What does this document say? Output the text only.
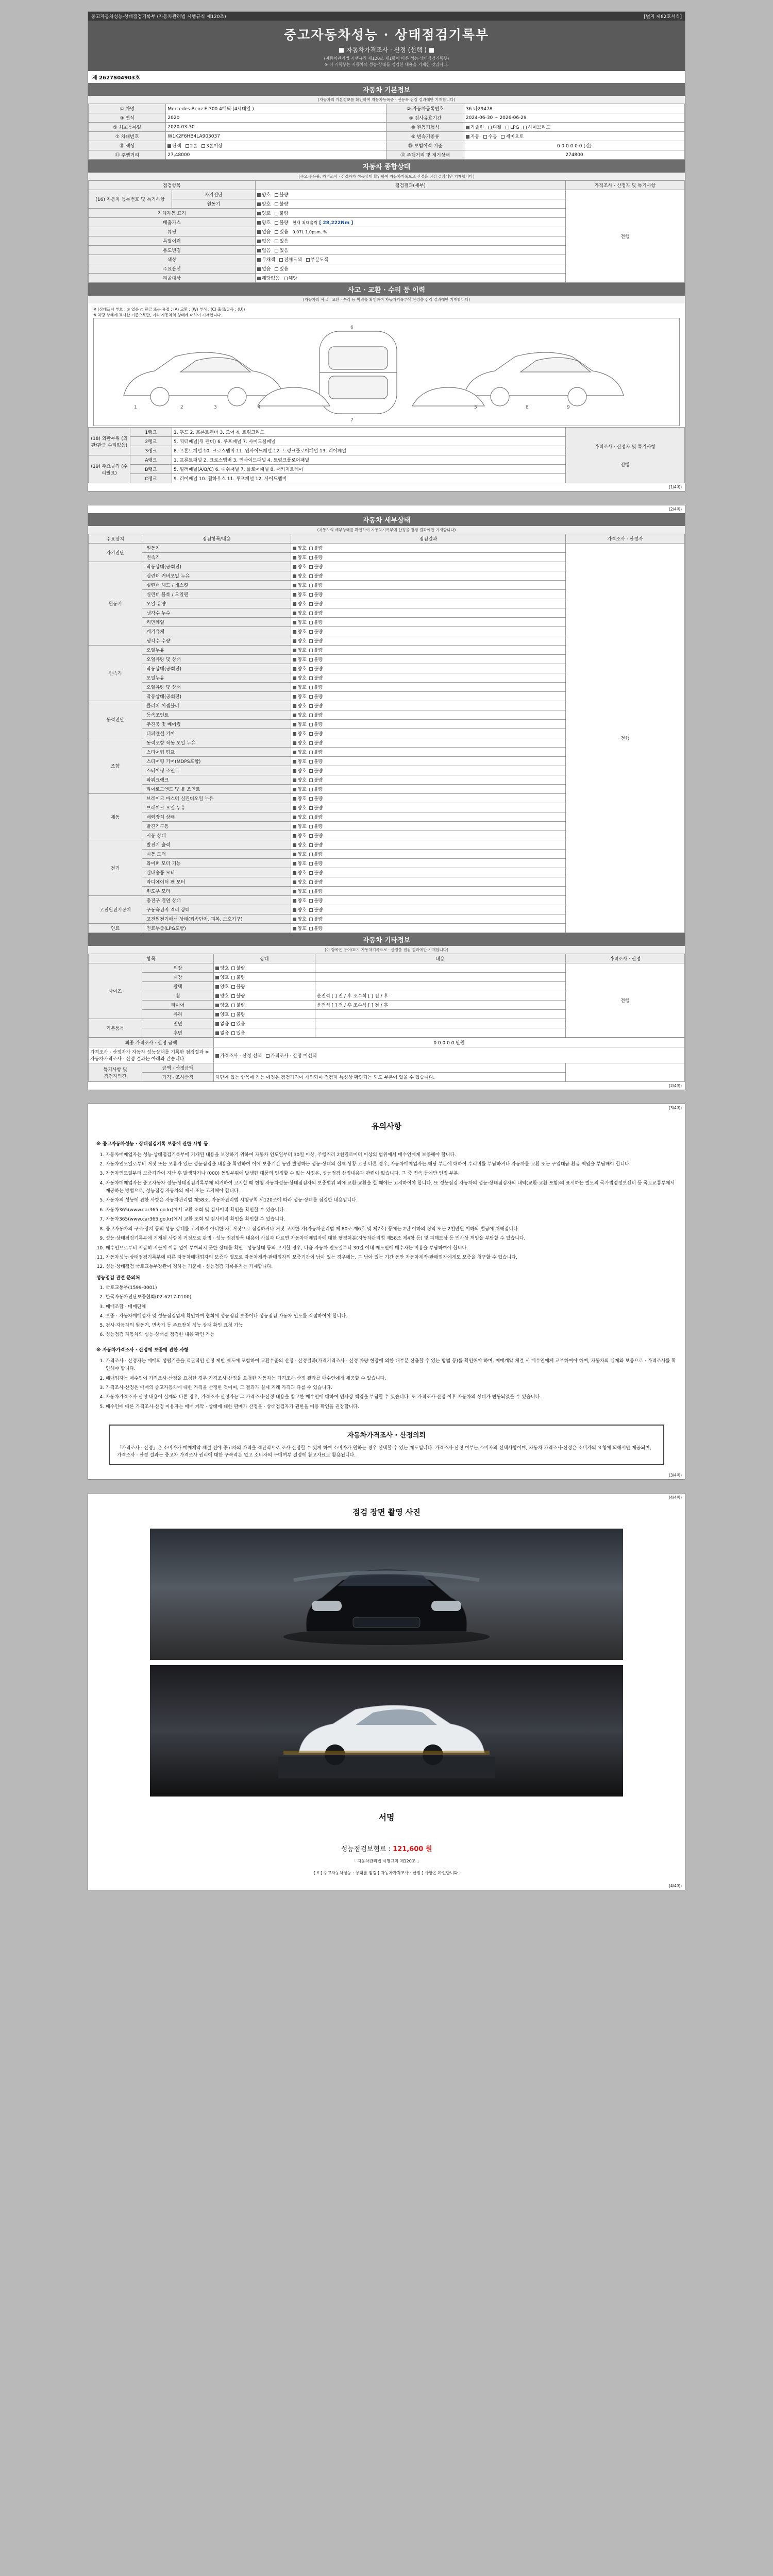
중고자동차성능·상태점검기록부 (자동차관리법 시행규칙 제120조)	[별지 제82호서식]
중고자동차성능 · 상태점검기록부
■ 자동차가격조사 · 산정 (선택 ) ■
(자동차관리법 시행규칙 제120조 제1항에 따른 성능·상태점검기록부)
※ 이 기록부는 자동차의 성능·상태를 점검한 내용을 기재한 것입니다.
제 2627S04903호
자동차 기본정보
(자동차의 기본정보를 확인하여 자동차등록증 · 선등록 점검 결과에만 기재합니다)
① 차명	Mercedes-Benz E 300 4매틱 (4세대일 )	② 자동차등록번호	36 나29478
③ 연식	2020	④ 검사유효기간	2024-06-30 ~ 2026-06-29
⑤ 최초등록일	2020-03-30	⑩ 원동기형식	가솔린 디젤 LPG 하이브리드
⑦ 차대번호	W1K2F6HB4LA903037	⑧ 변속기종류	자동 수동 세미오토
⑪ 색상	단색 2톤 3톤이상	⑮ 보험이력 기준	0 0 0 0 0 0 (건)
⑪ 주행거리	27,48000	⑫ 주행거리 및 계기상태	274800
자동차 종합상태
(주요 주유율, 가격조사 · 산정자가 성능상태 확인하여 자동차기록으로 산정을 점검 결과에만 기재합니다)
점검항목		점검결과(세부)	가격조사 · 산정자 및 특기사항
(16) 자동차 등록번호 및 특기사항	자기진단	양호 불량	전행
	원동기	양호 불량	
자체자동 표기		양호 불량	
배출가스		양호 불량 현재 최대출력 [ 28,222Nm ]	
튜닝		없음 있음 0.07L 1.0psm. %	
특별이력		없음 있음	
용도변경		없음 있음	
색상		무채색 전체도색 부분도색	
주요옵션		없음 있음	
리콜대상		해당없음 해당	
사고 · 교환 · 수리 등 이력
(자동차의 사고 · 교환 · 수리 등 이력을 확인하여 자동차기록부에 산정을 점검 결과에만 기재합니다)
※ (상태표시 부호 : ① 없음 ○ 판금 또는 용접 : (A) 교환 : (W) 부식 : (C) 흠집/굴곡 : (U))
※ 차량 상태에 표시한 기준으로만, 기타 자동차의 상태에 대하여 기재합니다.
1	2	3	4
6
7
5	8	9
(18) 외판부위 (외판/판금 수리없음)	1랭크	1. 후드 2. 프론트펜더 3. 도어 4. 트렁크리드	가격조사 · 산정자 및 특기사항
전행

	2랭크	5. 쿼터패널(뒤 펜더) 6. 루프패널 7. 사이드실패널	
	3랭크	8. 프론트패널 10. 크로스멤버 11. 인사이드패널 12. 트렁크플로어패널 13. 리어패널	
(19) 주요골격 (수리필요)	A랭크	1. 프론트패널 2. 크로스멤버 3. 인사이드패널 4. 트렁크플로어패널	
	B랭크	5. 필러패널(A/B/C) 6. 대쉬패널 7. 플로어패널 8. 패키지트레이	
	C랭크	9. 리어패널 10. 휠하우스 11. 루프패널 12. 사이드멤버	
(1/4쪽)
(2/4쪽)
자동차 세부상태
(자동차의 세부상태를 확인하여 자동차기록부에 산정을 점검 결과에만 기재합니다)
주요장치	점검항목/내용	점검결과	가격조사 · 산정자
자기진단	원동기	양호 불량	전행
	변속기	양호 불량	
원동기	작동상태(공회전)	양호 불량	
	실린더 커버오일 누유	양호 불량	
	실린더 헤드 / 개스킷	양호 불량	
	실린더 블록 / 오일팬	양호 불량	
	오일 유량	양호 불량	
	냉각수 누수	양호 불량	
	커먼레일	양호 불량	
	계기유체	양호 불량	
	냉각수 수량	양호 불량	
변속기	오일누유	양호 불량	
	오일유량 및 상태	양호 불량	
	작동상태(공회전)	양호 불량	
	오일누유	양호 불량	
	오일유량 및 상태	양호 불량	
	작동상태(공회전)	양호 불량	
동력전달	클러치 어셈블리	양호 불량	
	등속조인트	양호 불량	
	추진축 및 베어링	양호 불량	
	디퍼렌셜 기어	양호 불량	
조향	동력조향 작동 오일 누유	양호 불량	
	스티어링 펌프	양호 불량	
	스티어링 기어(MDPS포함)	양호 불량	
	스티어링 조인트	양호 불량	
	파워크랭크	양호 불량	
	타이로드엔드 및 볼 조인트	양호 불량	
제동	브레이크 마스터 실린더오일 누유	양호 불량	
	브레이크 오일 누유	양호 불량	
	배력장치 상태	양호 불량	
	발진기구동	양호 불량	
	시동 상태	양호 불량	
전기	발전기 출력	양호 불량	
	시동 모터	양호 불량	
	와이퍼 모터 기능	양호 불량	
	실내송풍 모터	양호 불량	
	라디에이터 팬 모터	양호 불량	
	윈도우 모터	양호 불량	
고전원전기장치	충전구 절연 상태	양호 불량	
	구동축전지 격리 상태	양호 불량	
	고전원전기배선 상태(접속단자, 피복, 보호기구)	양호 불량	
연료	연료누출(LPG포함)	양호 불량	
자동차 기타정보
(이 항목은 용어/표기 자동차기록으로 · 산정을 점검 결과에만 기재합니다)
항목		상태	내용	가격조사 · 산정
사이즈	외장	양호 불량		전행
	내장	양호 불량		
	광택	양호 불량		
	휠	양호 불량	운전석 [ ] 전 / 후 조수석 [ ] 전 / 후	
	타이어	양호 불량	운전석 [ ] 전 / 후 조수석 [ ] 전 / 후	
	유리	양호 불량		
기본품목	전면	없음 있음		
	후면	없음 있음		
최종 가격조사 · 산정 금액		0 0 0 0 0 만원	
가격조사 · 산정자가 자동차 성능상태를 기록한 점검결과 ※ 자동차가격조사 · 산정 결과는 아래와 같습니다.		가격조사 · 산정 선택 가격조사 · 산정 미선택	
특기사항 및
점검자의견	금액 · 산정금액		
	가격 · 조사산정	하단에 있는 항목에 가능 예정은 점검가격이 제외되며 점검자 특성상 확인되는 되도 부분이 있을 수 있습니다.	
(2/4쪽)
(3/4쪽)
유의사항
※ 중고자동차성능 · 상태점검기록 보증에 관한 사항 등
1. 자동차매매업자는 성능·상태점검기록부에 기재된 내용을 보장하기 위하여 자동차 인도일부터 30일 이상, 주행거리 2천킬로미터 이상의 범위에서 매수인에게 보증해야 합니다.
2. 자동차인도일로부터 거짓 또는 오류가 있는 성능점검을 내용을 확인하여 이에 보증기간 동안 발생하는 성능·상태의 실제 상황·고장 다른 경우, 자동차매매업자는 해당 부분에 대하여 수리비를 부담하거나 자동차를 교환 또는 구입대금 환급 책임을 부담해야 합니다.
3. 자동차인도일부터 보증기간이 지난 후 발생하거나 (000) 동일부위에 발생한 대품의 인정할 수 없는 사정은, 성능점검 산정내용과 관련이 없습니다. 그 중 변속 등에만 인정 부분.
4. 자동차매매업자는 중고자동차 성능·상태점검기록부에 의거하여 고지할 때 현행 자동차성능·상태점검자의 보증범위 외에 교환·교환을 할 때에는 고지하여야 합니다. 또 성능점검 자동차의 성능·상태점검자의 내역(교환·교환 포함)의 표시하는 별도의 국가법령정보센터 등 국토교통부에서 제공하는 방법으로, 성능점검 자동차의 제시 또는 고지해야 합니다.
5. 자동차의 성능에 관한 사항은 자동차관리법 제58조, 자동차관리법 시행규칙 제120조에 따라 성능·상태를 점검한 내용입니다.
6. 자동차365(www.car365.go.kr)에서 교환 조회 및 검사이력 확인을 확인할 수 있습니다.
7. 자동차365(www.car365.go.kr)에서 교환 조회 및 검사이력 확인을 확인할 수 있습니다.
8. 중고자동차의 구조·장치 등의 성능·상태를 고지하지 아니한 자, 거짓으로 점검하거나 거짓 고지한 자(자동차관리법 제 80조 제6호 및 제7호) 등에는 2년 이하의 징역 또는 2천만원 이하의 벌금에 처해집니다.
9. 성능·상태점검기록부에 기재된 사항이 거짓으로 판명 · 성능 점검항목 내용이 사실과 다르면 자동차매매업자에 대한 행정처분(자동차관리법 제58조 제4항 등) 및 피해보상 등 민사상 책임을 부담할 수 있습니다.
10. 매수인으로부터 시급히 지불이 이유 없이 부여되지 못한 상태를 확인 · 성능상태 등의 고지할 경우, 다음 자동차 인도일부터 30일 이내 매도인에 매수자는 비용을 부담하여야 합니다.
11. 자동차성능·상태점검기록부에 따른 자동차매매업자의 보증과 별도로 자동차제작·판매업자의 보증기간이 남아 있는 경우에는, 그 남아 있는 기간 동안 자동차제작·판매업자에게도 보증을 청구할 수 있습니다.
12. 성능·상태점검 국토교통부장관이 정하는 기준에 · 성능점검 기록유지는 기재합니다.
성능점검 관련 문의처
1. 국토교통부(1599-0001)
2. 한국자동차진단보증협회(02-6217-0100)
3. 매매조합 · 매매단체
4. 보증 · 자동차매매업자 및 성능점검업체 확인하여 협회에 성능점검 보증이나 성능점검 자동차 인도를 직접하여야 합니다.
5. 검사·자동차의 원동기, 변속기 등 주요장치 성능 상태 확인 요청 가능
6. 성능점검 자동차의 성능·상태를 점검한 내용 확인 가능
※ 자동차가격조사 · 산정에 보증에 관한 사항
1. 가격조사 · 산정자는 매매의 성립기준을 객관적인 산정 제반 제도에 포함하여 교환수준의 산정 · 산정결과(가격기격조사 · 산정 차량 현장에 의한 대부분 산출할 수 있는 방법 등)를 확인해야 하며, 매매계약 체결 시 매수인에게 교부하여야 하며, 자동차의 실제와 보증으로 · 가격조사를 확인해야 합니다.
2. 매매업자는 매수인이 가격조사·산정을 요청한 경우 가격조사·산정을 요청한 자동차는 가격조사·산정 결과를 매수인에게 제공할 수 있습니다.
3. 가격조사·산정은 매매의 중고자동차에 대한 가격을 산정한 것이며, 그 결과가 실제 거래 가격과 다를 수 있습니다.
4. 자동차가격조사·산정 내용이 실제와 다른 경우, 가격조사·산정자는 그 가격조사·산정 내용을 참고한 매수인에 대하여 민사상 책임을 부담할 수 있습니다. 또 가격조사·산정 이후 자동차의 상태가 변동되었을 수 있습니다.
5. 매수인에 따른 가격조사·산정 이용자는 매매 계약 · 상태에 대한 판매가 산정을 · 상태점검자가 권한을 이용 확인을 권장합니다.
자동차가격조사 · 산정의뢰
「가격조사 · 산정」은 소비자가 매매계약 체결 전에 중고차의 가격을 객관적으로 조사·산정할 수 있게 하여 소비자가 원하는 경우 선택할 수 있는 제도입니다. 가격조사·산정 여부는 소비자의 선택사항이며, 자동차 가격조사·산정은 소비자의 요청에 의해서만 제공되며, 가격조사 · 산정 결과는 중고차 가격조사 권리에 대한 구속력은 없고 소비자의 구매여부 결정에 참고자료로 활용됩니다.
(3/4쪽)
(4/4쪽)
점검 장면 촬영 사진
서명
성능점검보험료 : 121,600 원
「 자동차관리법 시행규칙 제120조 」
[ Y ] 중고자동차성능 · 상태를 점검 [ 자동차가격조사 · 산정 ] 사항은 확인합니다.
(4/4쪽)
